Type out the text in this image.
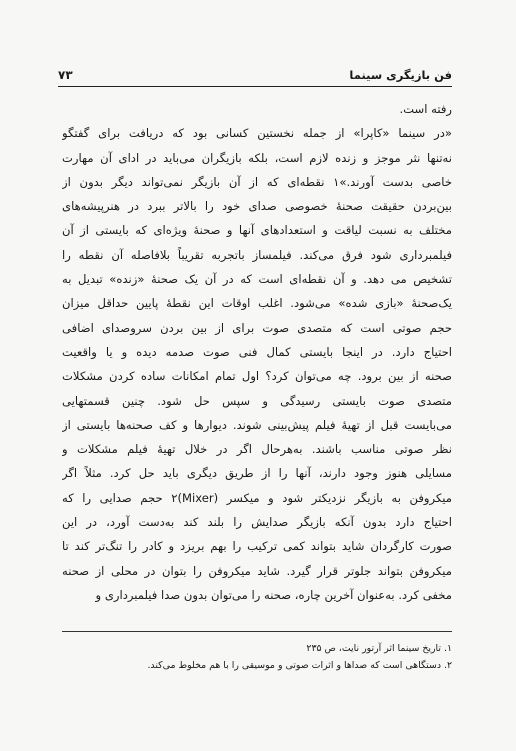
فن بازیگری سینما
۷۳
رفته است.
«در سینما «کاپرا» از جمله نخستین کسانی بود که دریافت برای گفتگو
نه‌تنها نثر موجز و زنده لازم است، بلکه بازیگران می‌باید در ادای آن مهارت
خاصی بدست آورند.»۱ نقطه‌ای که از آن بازیگر نمی‌تواند دیگر بدون از
بین‌بردن حقیقت صحنهٔ خصوصی صدای خود را بالاتر ببرد در هنرپیشه‌های
مختلف به نسبت لیاقت و استعدادهای آنها و صحنهٔ ویژه‌ای که بایستی از آن
فیلمبرداری شود فرق می‌کند. فیلمساز باتجربه تقریباً بلافاصله آن نقطه را
تشخیص می دهد. و آن نقطه‌ای است که در آن یک صحنهٔ «زنده» تبدیل به
یک‌صحنهٔ «بازی شده» می‌شود. اغلب اوقات این نقطهٔ پایین حداقل میزان
حجم صوتی است که متصدی صوت برای از بین بردن سروصدای اضافی
احتیاج دارد. در اینجا بایستی کمال فنی صوت صدمه دیده و یا واقعیت
صحنه از بین برود. چه می‌توان کرد؟ اول تمام امکانات ساده کردن مشکلات
متصدی صوت بایستی رسیدگی و سپس حل شود. چنین قسمتهایی
می‌بایست قبل از تهیهٔ فیلم پیش‌بینی شوند. دیوارها و کف صحنه‌ها بایستی از
نظر صوتی مناسب باشند. به‌هرحال اگر در خلال تهیهٔ فیلم مشکلات و
مسایلی هنوز وجود دارند، آنها را از طریق دیگری باید حل کرد. مثلاً اگر
میکروفن به بازیگر نزدیکتر شود و میکسر (Mixer)۲ حجم صدایی را که
احتیاج دارد بدون آنکه بازیگر صدایش را بلند کند به‌دست آورد، در این
صورت کارگردان شاید بتواند کمی ترکیب را بهم بریزد و کادر را تنگ‌تر کند تا
میکروفن بتواند جلوتر قرار گیرد. شاید میکروفن را بتوان در محلی از صحنه
مخفی کرد. به‌عنوان آخرین چاره، صحنه را می‌توان بدون صدا فیلمبرداری و
۱. تاریخ سینما اثر آرتور نایت، ص ۲۳۵
۲. دستگاهی است که صداها و اثرات صوتی و موسیقی را با هم مخلوط می‌کند.
